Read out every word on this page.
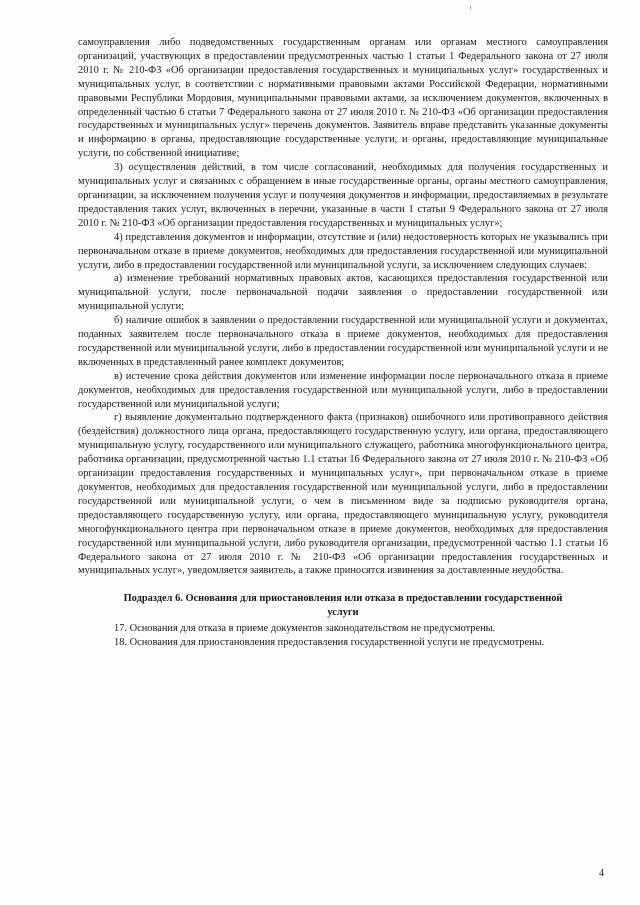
самоуправления либо подведомственных государственным органам или органам местного самоуправления организаций, участвующих в предоставлении предусмотренных частью 1 статьи 1 Федерального закона от 27 июля 2010 г. № 210-ФЗ «Об организации предоставления государственных и муниципальных услуг» государственных и муниципальных услуг, в соответствии с нормативными правовыми актами Российской Федерации, нормативными правовыми Республики Мордовия, муниципальными правовыми актами, за исключением документов, включенных в определенный частью 6 статьи 7 Федерального закона от 27 июля 2010 г. № 210-ФЗ «Об организации предоставления государственных и муниципальных услуг» перечень документов. Заявитель вправе представить указанные документы и информацию в органы, предоставляющие государственные услуги, и органы, предоставляющие муниципальные услуги, по собственной инициативе;

3) осуществления действий, в том числе согласований, необходимых для получения государственных и муниципальных услуг и связанных с обращением в иные государственные органы, органы местного самоуправления, организации, за исключением получения услуг и получения документов и информации, предоставляемых в результате предоставления таких услуг, включенных в перечни, указанные в части 1 статьи 9 Федерального закона от 27 июля 2010 г. № 210-ФЗ «Об организации предоставления государственных и муниципальных услуг»;

4) представления документов и информации, отсутствие и (или) недостоверность которых не указывались при первоначальном отказе в приеме документов, необходимых для предоставления государственной или муниципальной услуги, либо в предоставлении государственной или муниципальной услуги, за исключением следующих случаев:

а) изменение требований нормативных правовых актов, касающихся предоставления государственной или муниципальной услуги, после первоначальной подачи заявления о предоставлении государственной или муниципальной услуги;

б) наличие ошибок в заявлении о предоставлении государственной или муниципальной услуги и документах, поданных заявителем после первоначального отказа в приеме документов, необходимых для предоставления государственной или муниципальной услуги, либо в предоставлении государственной или муниципальной услуги и не включенных в представленный ранее комплект документов;

в) истечение срока действия документов или изменение информации после первоначального отказа в приеме документов, необходимых для предоставления государственной или муниципальной услуги, либо в предоставлении государственной или муниципальной услуги;

г) выявление документально подтвержденного факта (признаков) ошибочного или противоправного действия (бездействия) должностного лица органа, предоставляющего государственную услугу, или органа, предоставляющего муниципальную услугу, государственного или муниципального служащего, работника многофункционального центра, работника организации, предусмотренной частью 1.1 статьи 16 Федерального закона от 27 июля 2010 г. № 210-ФЗ «Об организации предоставления государственных и муниципальных услуг», при первоначальном отказе в приеме документов, необходимых для предоставления государственной или муниципальной услуги, либо в предоставлении государственной или муниципальной услуги, о чем в письменном виде за подписью руководителя органа, предоставляющего государственную услугу, или органа, предоставляющего муниципальную услугу, руководителя многофункционального центра при первоначальном отказе в приеме документов, необходимых для предоставления государственной или муниципальной услуги, либо руководителя организации, предусмотренной частью 1.1 статьи 16 Федерального закона от 27 июля 2010 г. № 210-ФЗ «Об организации предоставления государственных и муниципальных услуг», уведомляется заявитель, а также приносятся извинения за доставленные неудобства.

Подраздел 6. Основания для приостановления или отказа в предоставлении государственной услуги

17. Основания для отказа в приеме документов законодательством не предусмотрены.

18. Основания для приостановления предоставления государственной услуги не предусмотрены.

4
